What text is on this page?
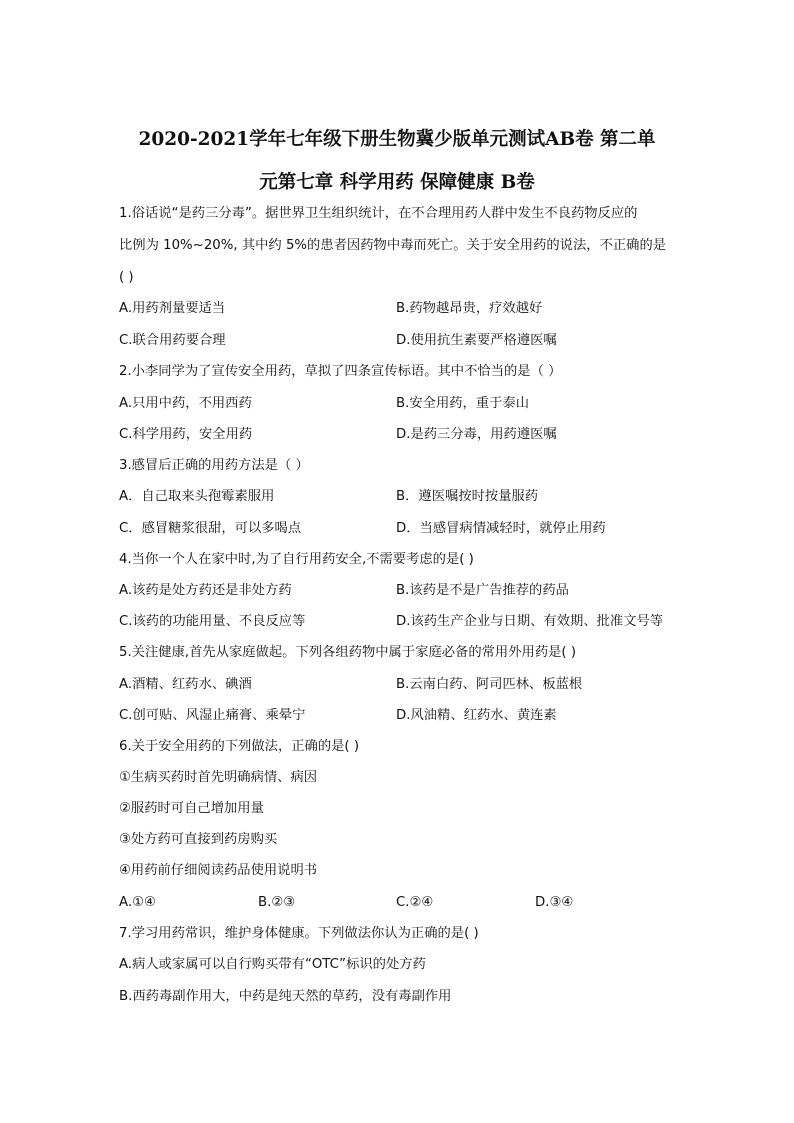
2020-2021学年七年级下册生物冀少版单元测试AB卷 第二单
元第七章 科学用药 保障健康 B卷
1.俗话说“是药三分毒”。据世界卫生组织统计，在不合理用药人群中发生不良药物反应的
比例为 10%~20%, 其中约 5%的患者因药物中毒而死亡。关于安全用药的说法，不正确的是
( )
A.用药剂量要适当	B.药物越昂贵，疗效越好
C.联合用药要合理	D.使用抗生素要严格遵医嘱
2.小李同学为了宣传安全用药，草拟了四条宣传标语。其中不恰当的是（ ）
A.只用中药，不用西药	B.安全用药，重于泰山
C.科学用药，安全用药	D.是药三分毒，用药遵医嘱
3.感冒后正确的用药方法是（ ）
A．自己取来头孢霉素服用	B．遵医嘱按时按量服药
C．感冒糖浆很甜，可以多喝点	D．当感冒病情减轻时，就停止用药
4.当你一个人在家中时,为了自行用药安全,不需要考虑的是( )
A.该药是处方药还是非处方药	B.该药是不是广告推荐的药品
C.该药的功能用量、不良反应等	D.该药生产企业与日期、有效期、批准文号等
5.关注健康,首先从家庭做起。下列各组药物中属于家庭必备的常用外用药是( )
A.酒精、红药水、碘酒	B.云南白药、阿司匹林、板蓝根
C.创可贴、风湿止痛膏、乘晕宁	D.风油精、红药水、黄连素
6.关于安全用药的下列做法，正确的是( )
①生病买药时首先明确病情、病因
②服药时可自己增加用量
③处方药可直接到药房购买
④用药前仔细阅读药品使用说明书
A.①④	B.②③	C.②④	D.③④
7.学习用药常识，维护身体健康。下列做法你认为正确的是( )
A.病人或家属可以自行购买带有“OTC”标识的处方药
B.西药毒副作用大，中药是纯天然的草药，没有毒副作用
